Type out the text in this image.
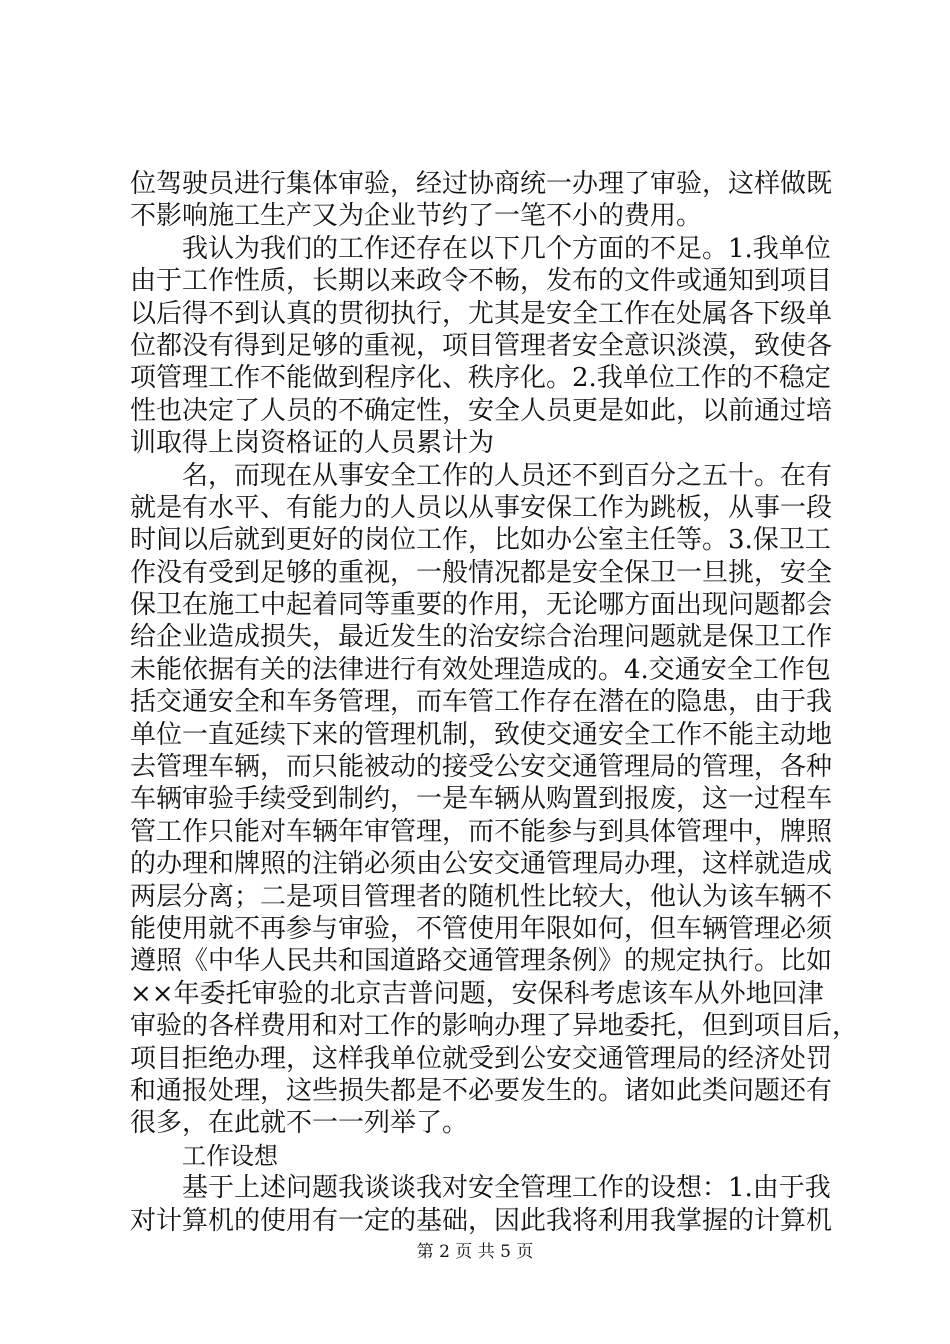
位驾驶员进行集体审验，经过协商统一办理了审验，这样做既
不影响施工生产又为企业节约了一笔不小的费用。
我认为我们的工作还存在以下几个方面的不足。1.我单位
由于工作性质，长期以来政令不畅，发布的文件或通知到项目
以后得不到认真的贯彻执行，尤其是安全工作在处属各下级单
位都没有得到足够的重视，项目管理者安全意识淡漠，致使各
项管理工作不能做到程序化、秩序化。2.我单位工作的不稳定
性也决定了人员的不确定性，安全人员更是如此，以前通过培
训取得上岗资格证的人员累计为
名，而现在从事安全工作的人员还不到百分之五十。在有
就是有水平、有能力的人员以从事安保工作为跳板，从事一段
时间以后就到更好的岗位工作，比如办公室主任等。3.保卫工
作没有受到足够的重视，一般情况都是安全保卫一旦挑，安全
保卫在施工中起着同等重要的作用，无论哪方面出现问题都会
给企业造成损失，最近发生的治安综合治理问题就是保卫工作
未能依据有关的法律进行有效处理造成的。4.交通安全工作包
括交通安全和车务管理，而车管工作存在潜在的隐患，由于我
单位一直延续下来的管理机制，致使交通安全工作不能主动地
去管理车辆，而只能被动的接受公安交通管理局的管理，各种
车辆审验手续受到制约，一是车辆从购置到报废，这一过程车
管工作只能对车辆年审管理，而不能参与到具体管理中，牌照
的办理和牌照的注销必须由公安交通管理局办理，这样就造成
两层分离；二是项目管理者的随机性比较大，他认为该车辆不
能使用就不再参与审验，不管使用年限如何，但车辆管理必须
遵照《中华人民共和国道路交通管理条例》的规定执行。比如
××年委托审验的北京吉普问题，安保科考虑该车从外地回津
审验的各样费用和对工作的影响办理了异地委托，但到项目后，
项目拒绝办理，这样我单位就受到公安交通管理局的经济处罚
和通报处理，这些损失都是不必要发生的。诸如此类问题还有
很多，在此就不一一列举了。
工作设想
基于上述问题我谈谈我对安全管理工作的设想：1.由于我
对计算机的使用有一定的基础，因此我将利用我掌握的计算机
第 2 页 共 5 页
